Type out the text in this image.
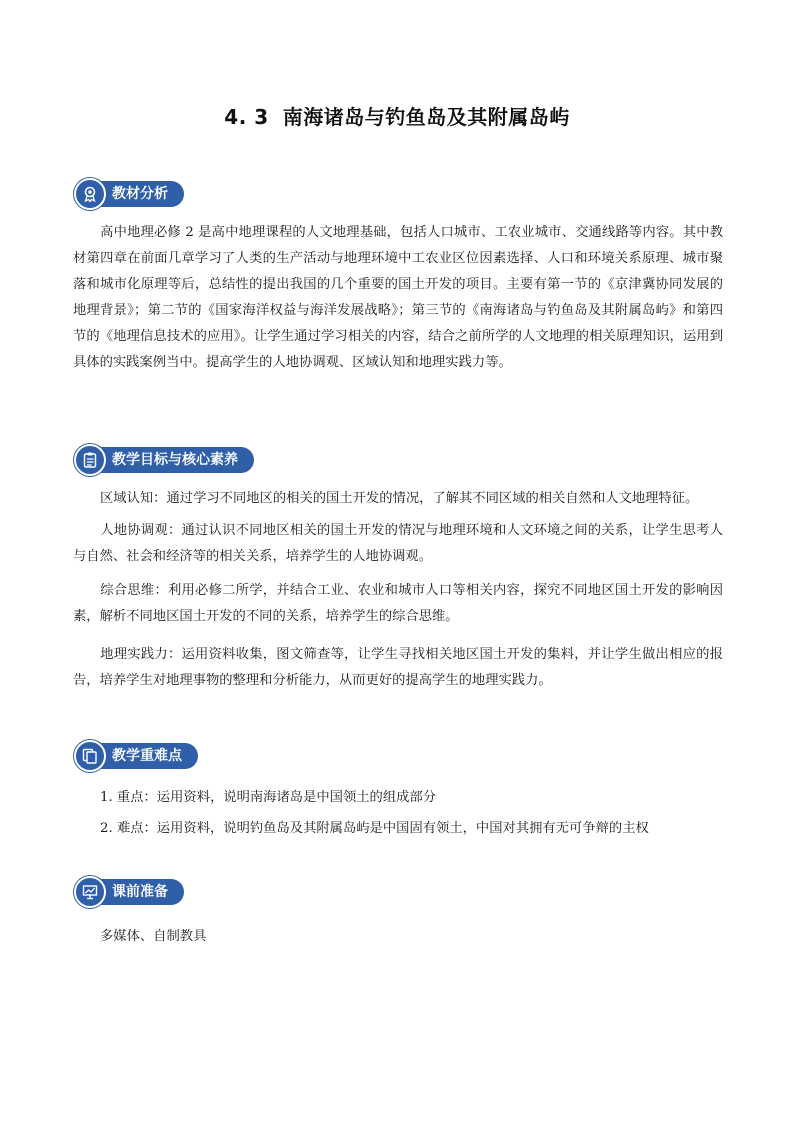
4. 3 南海诸岛与钓鱼岛及其附属岛屿
教材分析
高中地理必修 2 是高中地理课程的人文地理基础，包括人口城市、工农业城市、交通线路等内容。其中教材第四章在前面几章学习了人类的生产活动与地理环境中工农业区位因素选择、人口和环境关系原理、城市聚落和城市化原理等后，总结性的提出我国的几个重要的国土开发的项目。主要有第一节的《京津冀协同发展的地理背景》；第二节的《国家海洋权益与海洋发展战略》；第三节的《南海诸岛与钓鱼岛及其附属岛屿》和第四节的《地理信息技术的应用》。让学生通过学习相关的内容，结合之前所学的人文地理的相关原理知识，运用到具体的实践案例当中。提高学生的人地协调观、区域认知和地理实践力等。
教学目标与核心素养
区域认知：通过学习不同地区的相关的国土开发的情况，了解其不同区域的相关自然和人文地理特征。
人地协调观：通过认识不同地区相关的国土开发的情况与地理环境和人文环境之间的关系，让学生思考人与自然、社会和经济等的相关关系，培养学生的人地协调观。
综合思维：利用必修二所学，并结合工业、农业和城市人口等相关内容，探究不同地区国土开发的影响因素，解析不同地区国土开发的不同的关系，培养学生的综合思维。
地理实践力：运用资料收集，图文筛查等，让学生寻找相关地区国土开发的集料，并让学生做出相应的报告，培养学生对地理事物的整理和分析能力，从而更好的提高学生的地理实践力。
教学重难点
1. 重点：运用资料，说明南海诸岛是中国领土的组成部分
2. 难点：运用资料，说明钓鱼岛及其附属岛屿是中国固有领土，中国对其拥有无可争辩的主权
课前准备
多媒体、自制教具
